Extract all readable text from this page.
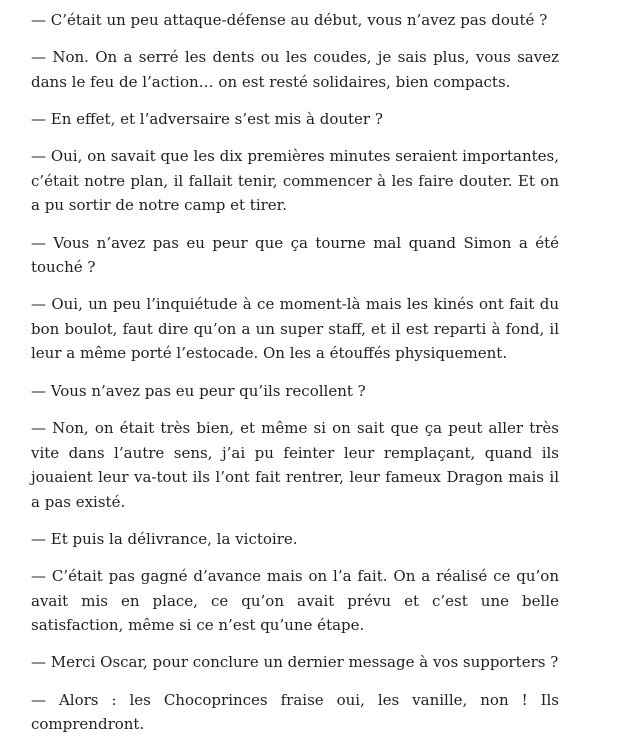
— C’était un peu attaque-défense au début, vous n’avez pas douté ?

— Non. On a serré les dents ou les coudes, je sais plus, vous savez dans le feu de l’action… on est resté solidaires, bien compacts.

— En effet, et l’adversaire s’est mis à douter ?

— Oui, on savait que les dix premières minutes seraient importantes, c’était notre plan, il fallait tenir, commencer à les faire douter. Et on a pu sortir de notre camp et tirer.

— Vous n’avez pas eu peur que ça tourne mal quand Simon a été touché ?

— Oui, un peu l’inquiétude à ce moment-là mais les kinés ont fait du bon boulot, faut dire qu’on a un super staff, et il est reparti à fond, il leur a même porté l’estocade. On les a étouffés physiquement.

— Vous n’avez pas eu peur qu’ils recollent ?

— Non, on était très bien, et même si on sait que ça peut aller très vite dans l’autre sens, j’ai pu feinter leur remplaçant, quand ils jouaient leur va-tout ils l’ont fait rentrer, leur fameux Dragon mais il a pas existé.

— Et puis la délivrance, la victoire.

— C’était pas gagné d’avance mais on l’a fait. On a réalisé ce qu’on avait mis en place, ce qu’on avait prévu et c’est une belle satisfaction, même si ce n’est qu’une étape.

— Merci Oscar, pour conclure un dernier message à vos supporters ?

— Alors : les Chocoprinces fraise oui, les vanille, non ! Ils comprendront.
